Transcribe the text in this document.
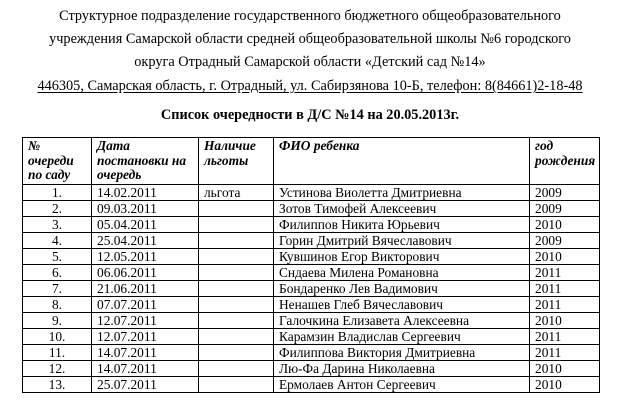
Структурное подразделение государственного бюджетного общеобразовательного
учреждения Самарской области средней общеобразовательной школы №6 городского
округа Отрадный Самарской области «Детский сад №14»
446305, Самарская область, г. Отрадный, ул. Сабирзянова 10-Б, телефон: 8(84661)2-18-48
Список очередности в Д/С №14 на 20.05.2013г.
№ очереди по саду	Дата постановки на очередь	Наличие льготы	ФИО ребенка	год рождения
1.	14.02.2011	льгота	Устинова Виолетта Дмитриевна	2009
2.	09.03.2011		Зотов Тимофей Алексеевич	2009
3.	05.04.2011		Филиппов Никита Юрьевич	2010
4.	25.04.2011		Горин Дмитрий Вячеславович	2009
5.	12.05.2011		Кувшинов Егор Викторович	2010
6.	06.06.2011		Сндаева Милена Романовна	2011
7.	21.06.2011		Бондаренко Лев Вадимович	2011
8.	07.07.2011		Ненашев Глеб Вячеславович	2011
9.	12.07.2011		Галочкина Елизавета Алексеевна	2010
10.	12.07.2011		Карамзин Владислав Сергеевич	2011
11.	14.07.2011		Филиппова Виктория Дмитриевна	2011
12.	14.07.2011		Лю-Фа Дарина Николаевна	2010
13.	25.07.2011		Ермолаев Антон Сергеевич	2010
